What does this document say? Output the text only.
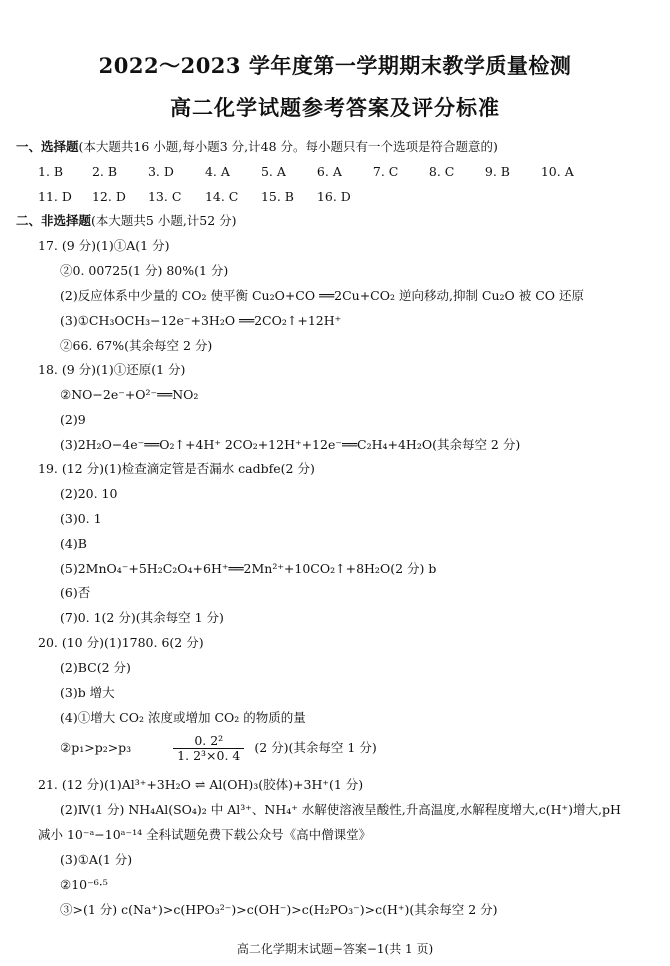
2022～2023 学年度第一学期期末教学质量检测
高二化学试题参考答案及评分标准
一、选择题(本大题共16 小题,每小题3 分,计48 分。每小题只有一个选项是符合题意的)
1. B 2. B 3. D 4. A 5. A 6. A 7. C 8. C 9. B 10. A
11. D 12. D 13. C 14. C 15. B 16. D
二、非选择题(本大题共5 小题,计52 分)
17. (9 分)(1)①A(1 分)
②0. 00725(1 分) 80%(1 分)
(2)反应体系中少量的 CO₂ 使平衡 Cu₂O+CO ══2Cu+CO₂ 逆向移动,抑制 Cu₂O 被 CO 还原
(3)①CH₃OCH₃−12e⁻+3H₂O ══2CO₂↑+12H⁺
②66. 67%(其余每空 2 分)
18. (9 分)(1)①还原(1 分)
②NO−2e⁻+O²⁻══NO₂
(2)9
(3)2H₂O−4e⁻══O₂↑+4H⁺ 2CO₂+12H⁺+12e⁻══C₂H₄+4H₂O(其余每空 2 分)
19. (12 分)(1)检查滴定管是否漏水 cadbfe(2 分)
(2)20. 10
(3)0. 1
(4)B
(5)2MnO₄⁻+5H₂C₂O₄+6H⁺══2Mn²⁺+10CO₂↑+8H₂O(2 分) b
(6)否
(7)0. 1(2 分)(其余每空 1 分)
20. (10 分)(1)1780. 6(2 分)
(2)BC(2 分)
(3)b 增大
(4)①增大 CO₂ 浓度或增加 CO₂ 的物质的量
②p₁>p₂>p₃	$\frac{\text{0. 2²}}{\text{1. 2³×0. 4}} (2$ 分)(其余每空 1 分)
21. (12 分)(1)Al³⁺+3H₂O ⇌ Al(OH)₃(胶体)+3H⁺(1 分)
(2)Ⅳ(1 分) NH₄Al(SO₄)₂ 中 Al³⁺、NH₄⁺ 水解使溶液呈酸性,升高温度,水解程度增大,c(H⁺)增大,pH
减小 10⁻ᵃ−10ᵃ⁻¹⁴ 全科试题免费下载公众号《高中僧课堂》
(3)①A(1 分)
②10⁻⁶·⁵
③>(1 分) c(Na⁺)>c(HPO₃²⁻)>c(OH⁻)>c(H₂PO₃⁻)>c(H⁺)(其余每空 2 分)
高二化学期末试题−答案−1(共 1 页)
